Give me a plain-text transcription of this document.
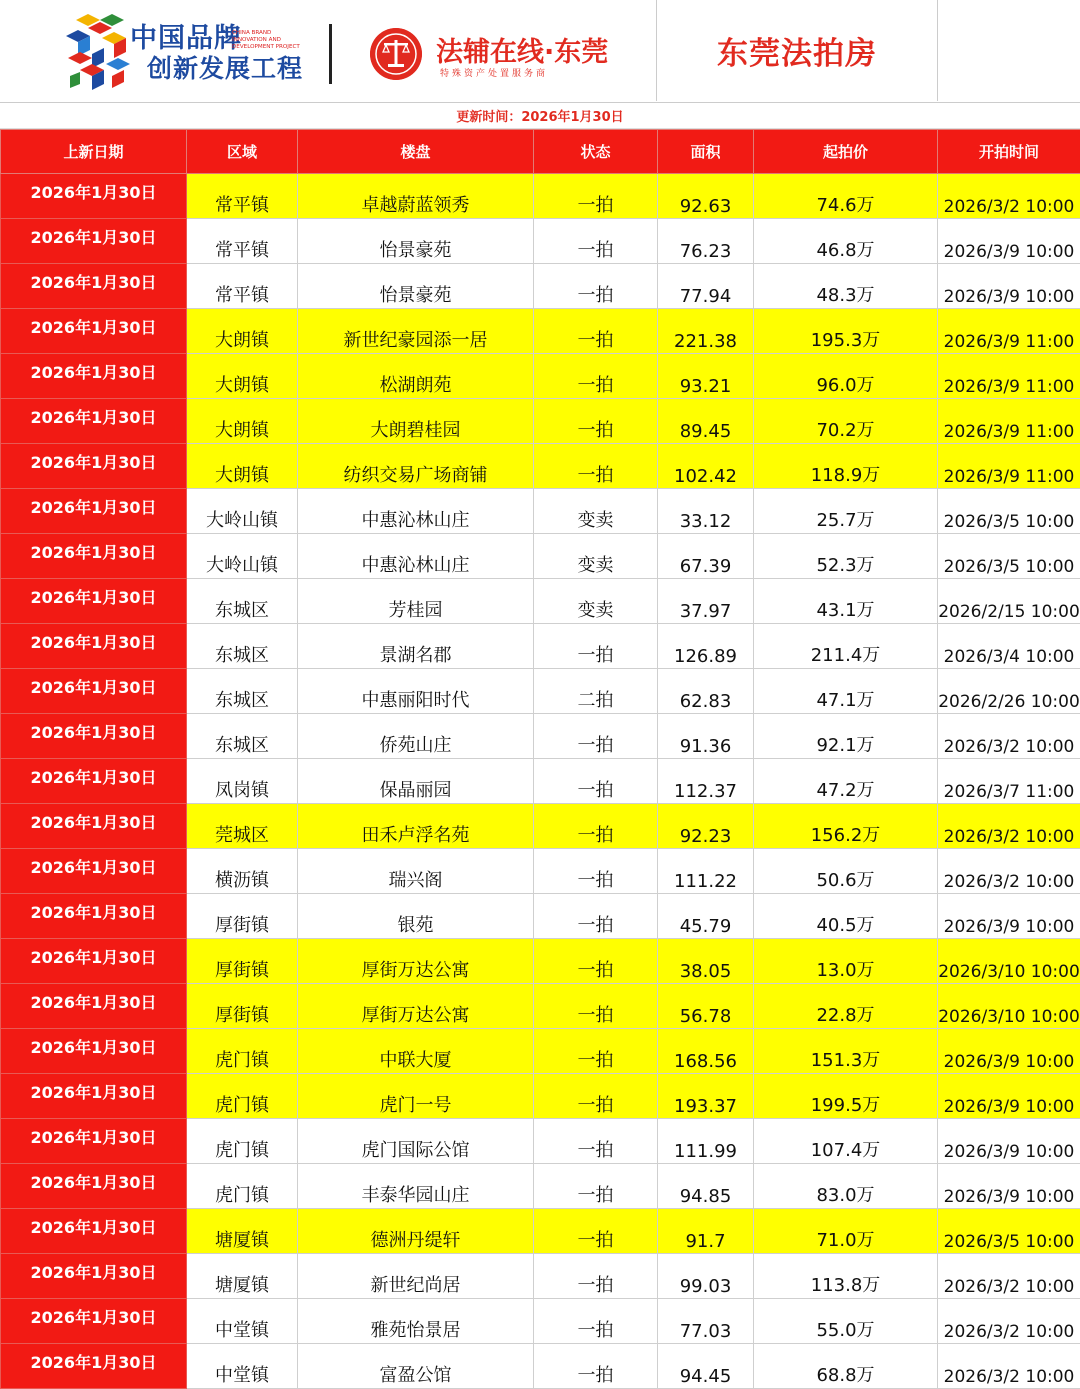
中国品牌
CHINA BRAND INNOVATION AND DEVELOPMENT PROJECT
创新发展工程
法辅在线·东莞
特殊资产处置服务商
东莞法拍房
更新时间：2026年1月30日
上新日期	区域	楼盘	状态	面积	起拍价	开拍时间
2026年1月30日	常平镇	卓越蔚蓝领秀	一拍	92.63	74.6万	2026/3/2 10:00
2026年1月30日	常平镇	怡景豪苑	一拍	76.23	46.8万	2026/3/9 10:00
2026年1月30日	常平镇	怡景豪苑	一拍	77.94	48.3万	2026/3/9 10:00
2026年1月30日	大朗镇	新世纪豪园添一居	一拍	221.38	195.3万	2026/3/9 11:00
2026年1月30日	大朗镇	松湖朗苑	一拍	93.21	96.0万	2026/3/9 11:00
2026年1月30日	大朗镇	大朗碧桂园	一拍	89.45	70.2万	2026/3/9 11:00
2026年1月30日	大朗镇	纺织交易广场商铺	一拍	102.42	118.9万	2026/3/9 11:00
2026年1月30日	大岭山镇	中惠沁林山庄	变卖	33.12	25.7万	2026/3/5 10:00
2026年1月30日	大岭山镇	中惠沁林山庄	变卖	67.39	52.3万	2026/3/5 10:00
2026年1月30日	东城区	芳桂园	变卖	37.97	43.1万	2026/2/15 10:00
2026年1月30日	东城区	景湖名郡	一拍	126.89	211.4万	2026/3/4 10:00
2026年1月30日	东城区	中惠丽阳时代	二拍	62.83	47.1万	2026/2/26 10:00
2026年1月30日	东城区	侨苑山庄	一拍	91.36	92.1万	2026/3/2 10:00
2026年1月30日	凤岗镇	保晶丽园	一拍	112.37	47.2万	2026/3/7 11:00
2026年1月30日	莞城区	田禾卢浮名苑	一拍	92.23	156.2万	2026/3/2 10:00
2026年1月30日	横沥镇	瑞兴阁	一拍	111.22	50.6万	2026/3/2 10:00
2026年1月30日	厚街镇	银苑	一拍	45.79	40.5万	2026/3/9 10:00
2026年1月30日	厚街镇	厚街万达公寓	一拍	38.05	13.0万	2026/3/10 10:00
2026年1月30日	厚街镇	厚街万达公寓	一拍	56.78	22.8万	2026/3/10 10:00
2026年1月30日	虎门镇	中联大厦	一拍	168.56	151.3万	2026/3/9 10:00
2026年1月30日	虎门镇	虎门一号	一拍	193.37	199.5万	2026/3/9 10:00
2026年1月30日	虎门镇	虎门国际公馆	一拍	111.99	107.4万	2026/3/9 10:00
2026年1月30日	虎门镇	丰泰华园山庄	一拍	94.85	83.0万	2026/3/9 10:00
2026年1月30日	塘厦镇	德洲丹缇轩	一拍	91.7	71.0万	2026/3/5 10:00
2026年1月30日	塘厦镇	新世纪尚居	一拍	99.03	113.8万	2026/3/2 10:00
2026年1月30日	中堂镇	雅苑怡景居	一拍	77.03	55.0万	2026/3/2 10:00
2026年1月30日	中堂镇	富盈公馆	一拍	94.45	68.8万	2026/3/2 10:00
